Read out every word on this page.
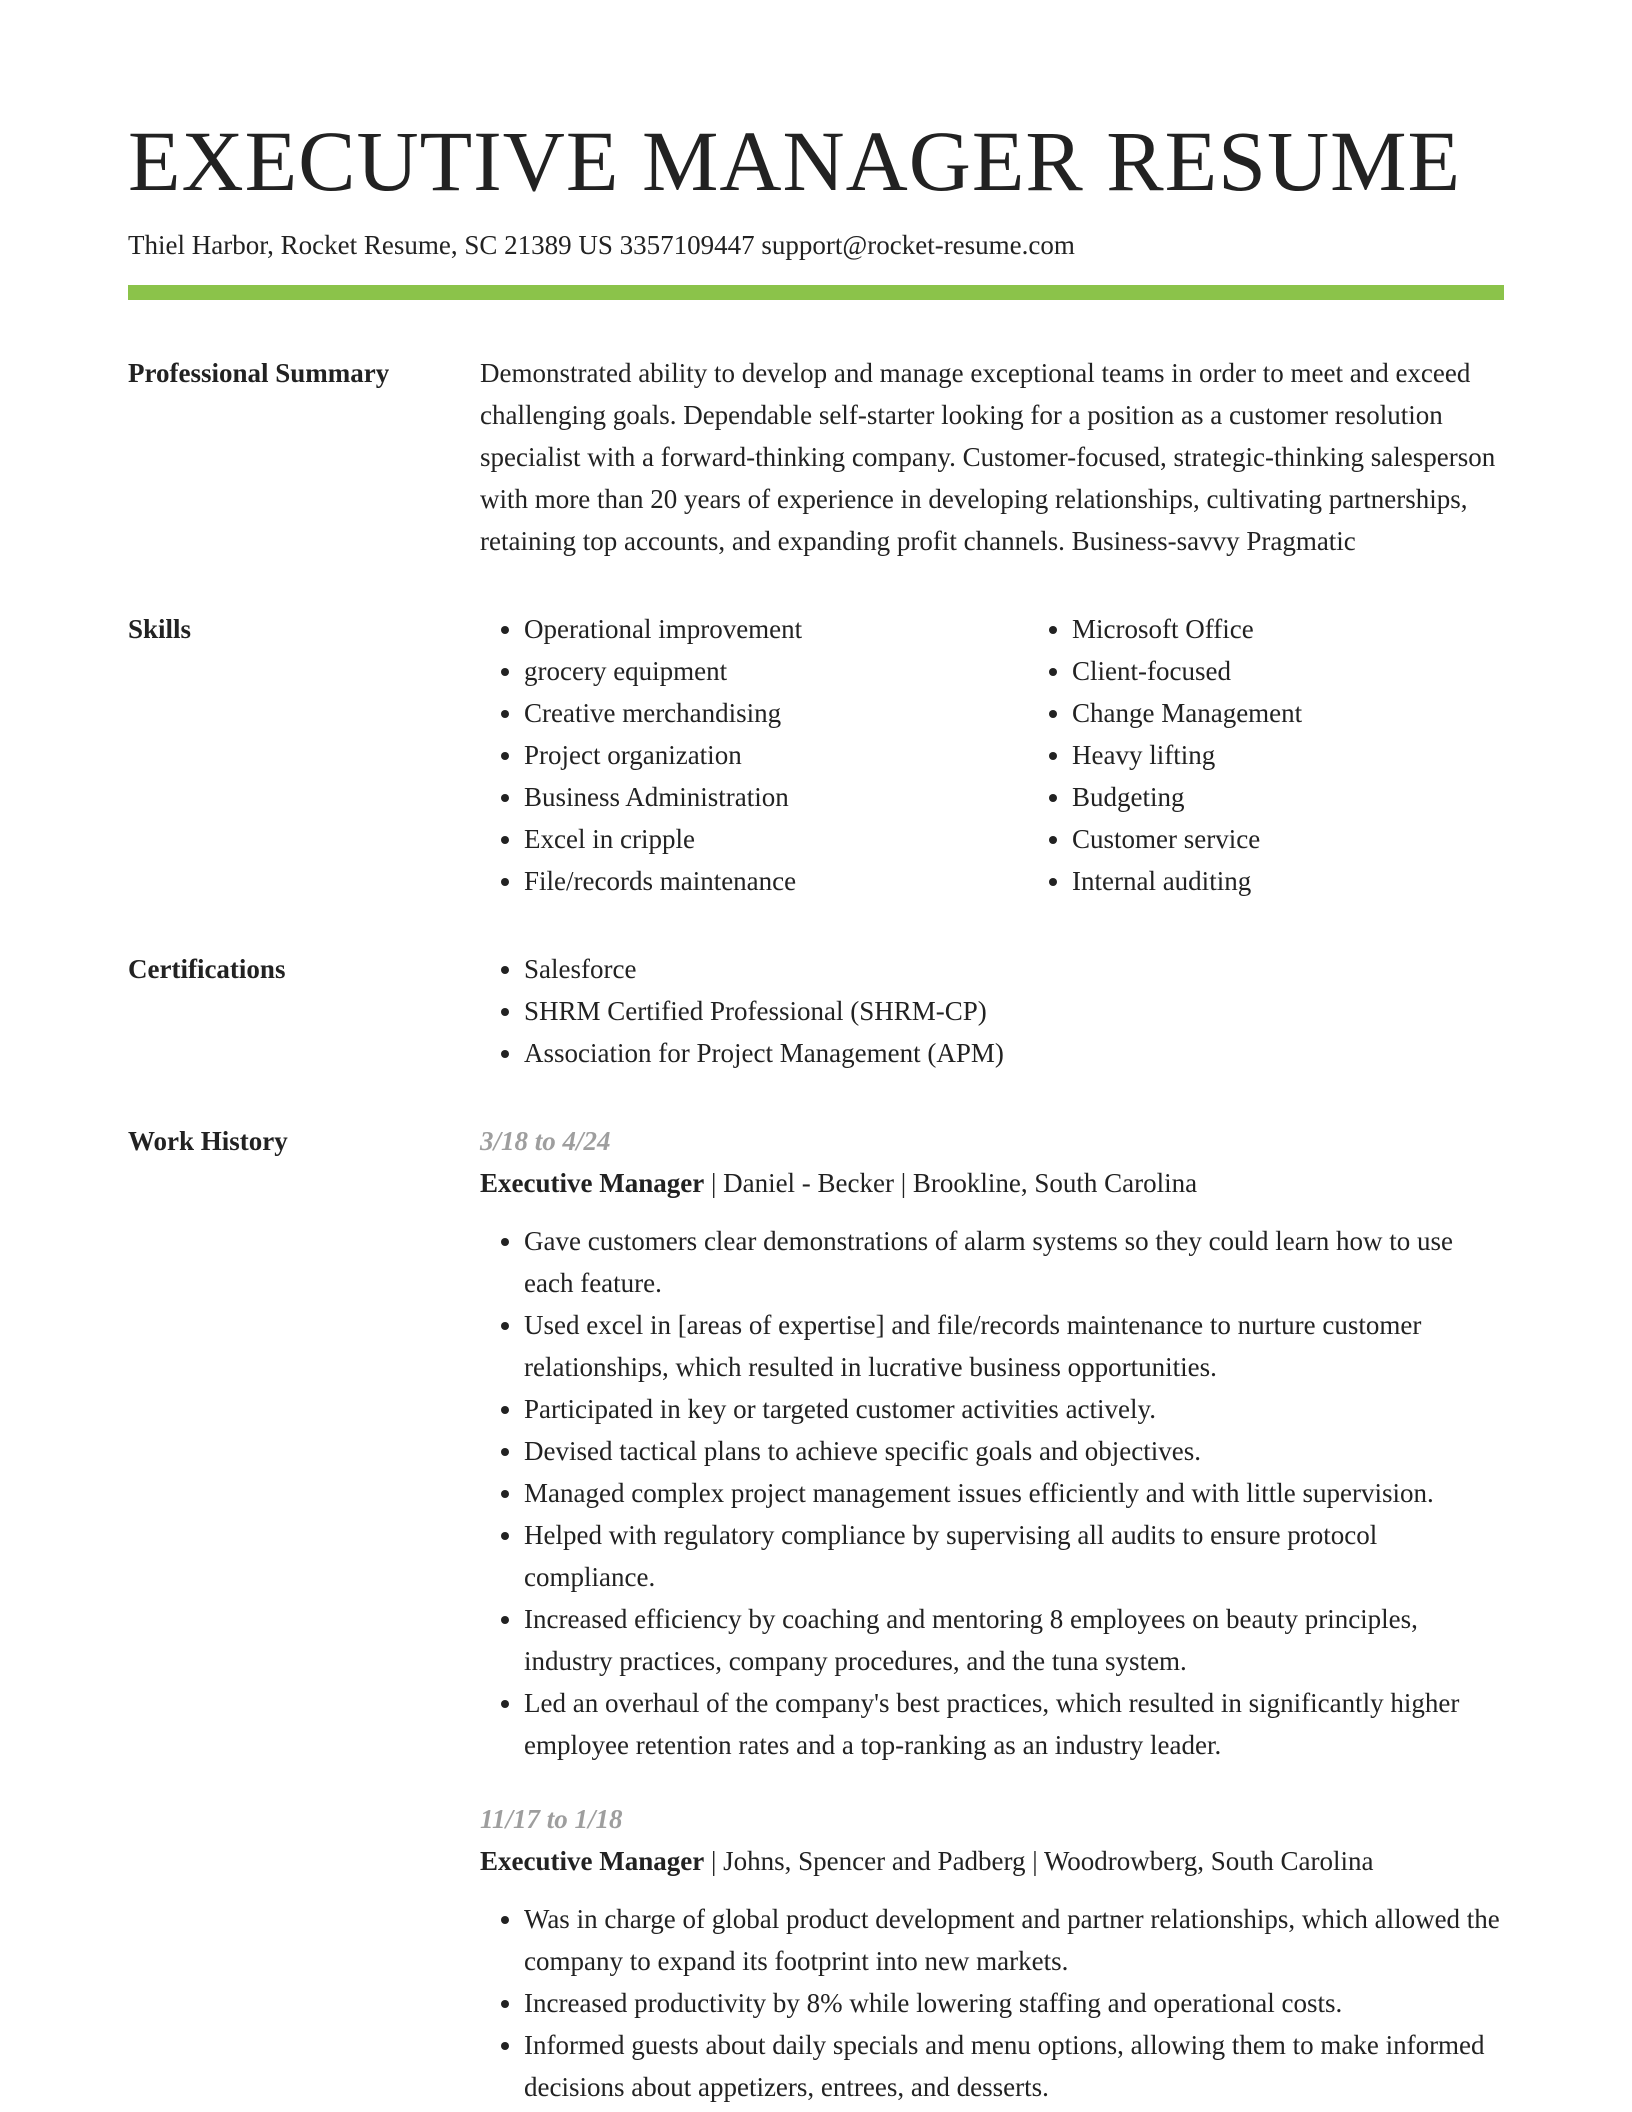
EXECUTIVE MANAGER RESUME
Thiel Harbor, Rocket Resume, SC 21389 US 3357109447 support@rocket-resume.com
Professional Summary	Demonstrated ability to develop and manage exceptional teams in order to meet and exceed challenging goals. Dependable self-starter looking for a position as a customer resolution specialist with a forward-thinking company. Customer-focused, strategic-thinking salesperson with more than 20 years of experience in developing relationships, cultivating partnerships, retaining top accounts, and expanding profit channels. Business-savvy Pragmatic
Skills	• Operational improvement
• grocery equipment
• Creative merchandising
• Project organization
• Business Administration
• Excel in cripple
• File/records maintenance
• Microsoft Office
• Client-focused
• Change Management
• Heavy lifting
• Budgeting
• Customer service
• Internal auditing
Certifications	• Salesforce
• SHRM Certified Professional (SHRM-CP)
• Association for Project Management (APM)
Work History	3/18 to 4/24
Executive Manager | Daniel - Becker | Brookline, South Carolina
• Gave customers clear demonstrations of alarm systems so they could learn how to use each feature.
• Used excel in [areas of expertise] and file/records maintenance to nurture customer relationships, which resulted in lucrative business opportunities.
• Participated in key or targeted customer activities actively.
• Devised tactical plans to achieve specific goals and objectives.
• Managed complex project management issues efficiently and with little supervision.
• Helped with regulatory compliance by supervising all audits to ensure protocol compliance.
• Increased efficiency by coaching and mentoring 8 employees on beauty principles, industry practices, company procedures, and the tuna system.
• Led an overhaul of the company's best practices, which resulted in significantly higher employee retention rates and a top-ranking as an industry leader.
11/17 to 1/18
Executive Manager | Johns, Spencer and Padberg | Woodrowberg, South Carolina
• Was in charge of global product development and partner relationships, which allowed the company to expand its footprint into new markets.
• Increased productivity by 8% while lowering staffing and operational costs.
• Informed guests about daily specials and menu options, allowing them to make informed decisions about appetizers, entrees, and desserts.
